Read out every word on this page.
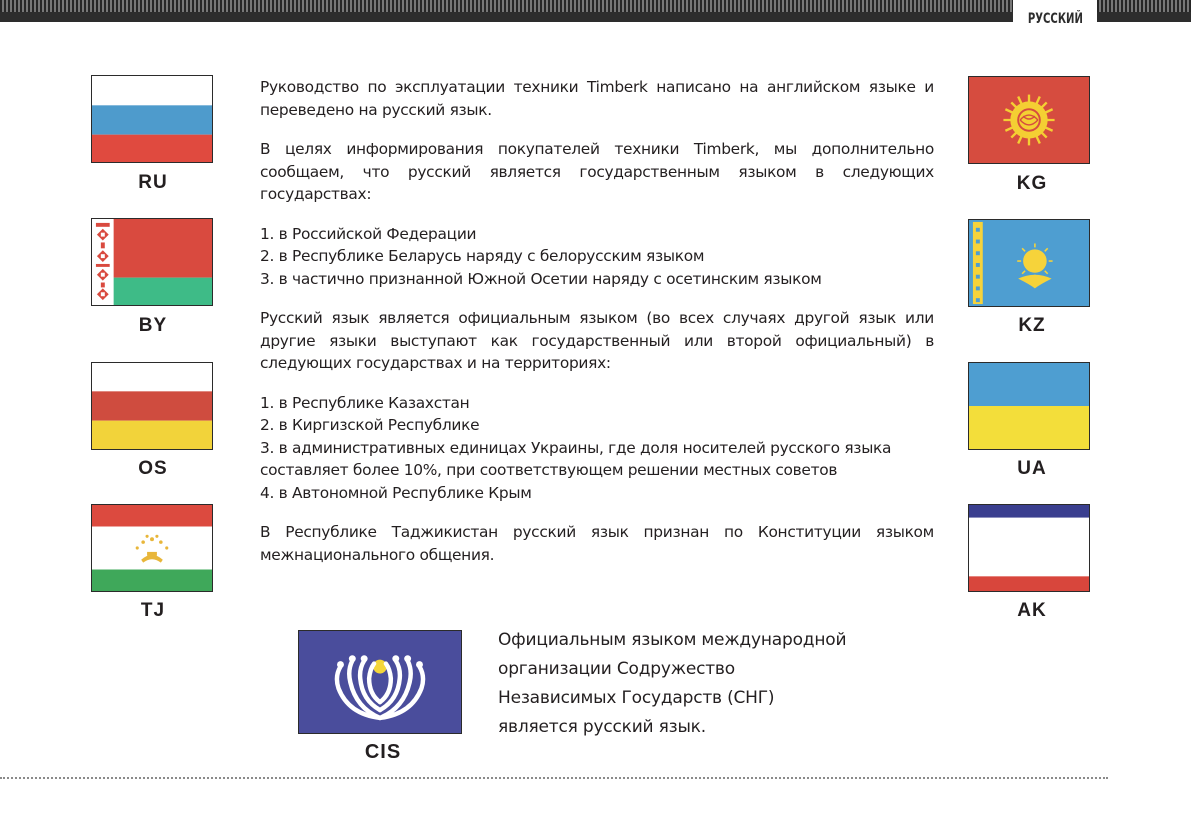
РУССКИЙ
RU
BY
OS
TJ
KG
KZ
UA
AK

Руководство по эксплуатации техники Timberk написано на английском языке и переведено на русский язык.

В целях информирования покупателей техники Timberk, мы дополнительно сообщаем, что русский является государственным языком в следующих государствах:

1. в Российской Федерации
2. в Республике Беларусь наряду с белорусским языком
3. в частично признанной Южной Осетии наряду с осетинским языком

Русский язык является официальным языком (во всех случаях другой язык или другие языки выступают как государственный или второй официальный) в следующих государствах и на территориях:

1. в Республике Казахстан
2. в Киргизской Республике
3. в административных единицах Украины, где доля носителей русского языка составляет более 10%, при соответствующем решении местных советов
4. в Автономной Республике Крым

В Республике Таджикистан русский язык признан по Конституции языком межнационального общения.

CIS
Официальным языком международной
организации Содружество
Независимых Государств (СНГ)
является русский язык.
